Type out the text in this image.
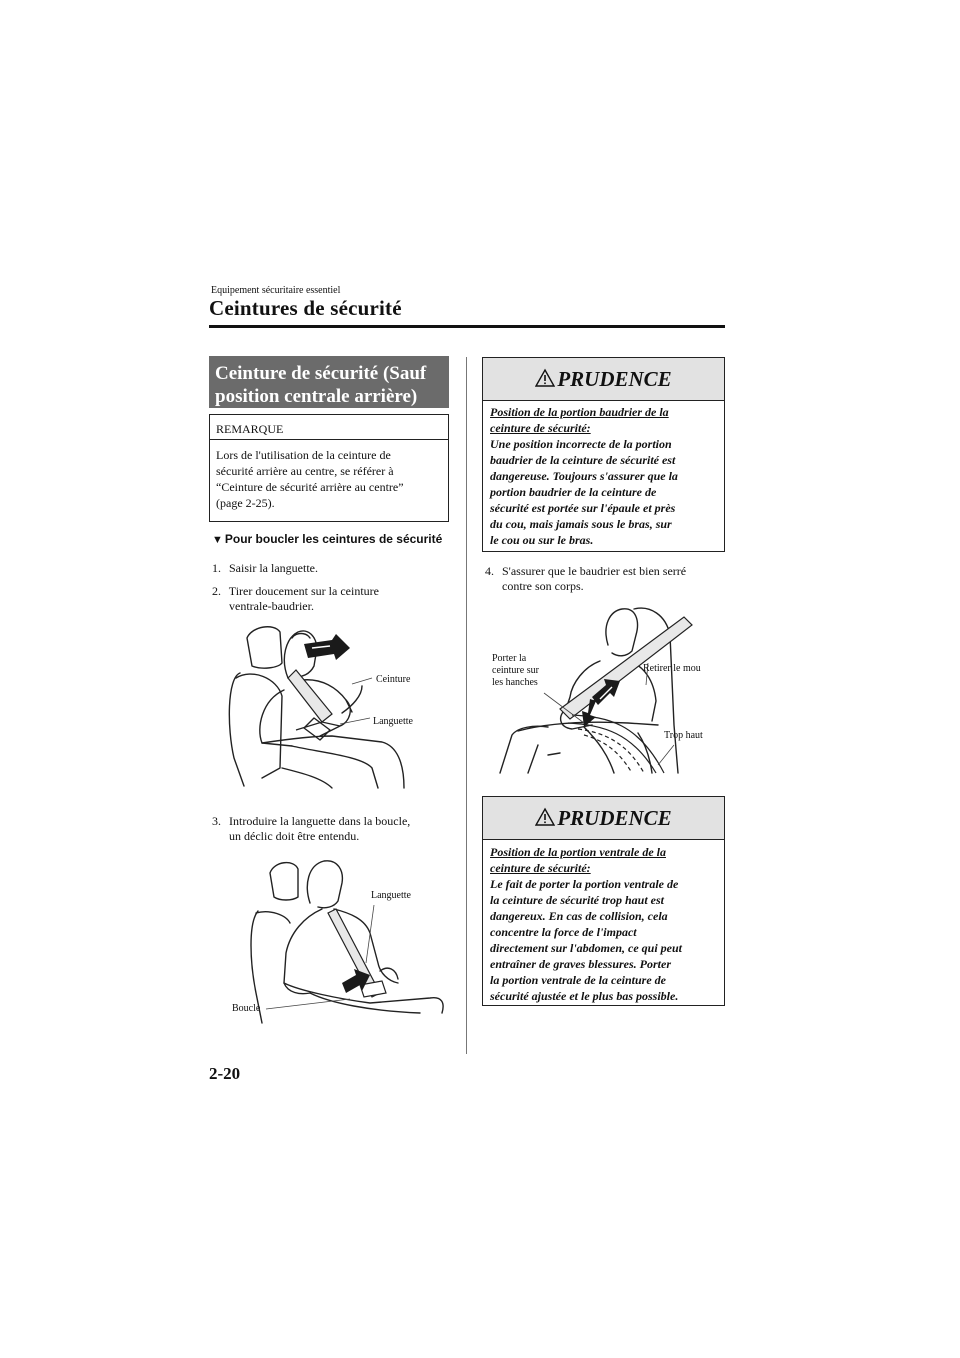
Equipement sécuritaire essentiel
Ceintures de sécurité
Ceinture de sécurité (Sauf
position centrale arrière)
REMARQUE
Lors de l'utilisation de la ceinture de
sécurité arrière au centre, se référer à
“Ceinture de sécurité arrière au centre”
(page 2-25).
▼ Pour boucler les ceintures de sécurité
1. Saisir la languette.
2. Tirer doucement sur la ceinture
ventrale-baudrier.
Ceinture
Languette
3. Introduire la languette dans la boucle,
un déclic doit être entendu.
Languette
Boucle
PRUDENCE
Position de la portion baudrier de la
ceinture de sécurité:
Une position incorrecte de la portion
baudrier de la ceinture de sécurité est
dangereuse. Toujours s'assurer que la
portion baudrier de la ceinture de
sécurité est portée sur l'épaule et près
du cou, mais jamais sous le bras, sur
le cou ou sur le bras.
4. S'assurer que le baudrier est bien serré
contre son corps.
Porter la
ceinture sur
les hanches
Retirer le mou
Trop haut
PRUDENCE
Position de la portion ventrale de la
ceinture de sécurité:
Le fait de porter la portion ventrale de
la ceinture de sécurité trop haut est
dangereux. En cas de collision, cela
concentre la force de l'impact
directement sur l'abdomen, ce qui peut
entraîner de graves blessures. Porter
la portion ventrale de la ceinture de
sécurité ajustée et le plus bas possible.
2-20
